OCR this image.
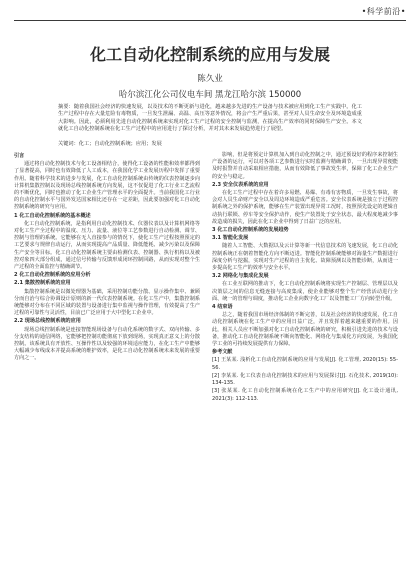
•科学前沿•
化工自动化控制系统的应用与发展
陈久业
哈尔滨江化公司仪电车间 黑龙江哈尔滨 150000
摘要：随着我国社会经济的快速发展，以及技术的不断更新与进化，越来越多先进的生产设备与技术被应用到化工生产实践中。化工生产过程中存在大量危险有毒物质，一旦发生泄漏、高温、高压等意外情况，将会产生严重后果，甚至对人员生命安全及环境造成重大影响。因此，必须利用先进自动化控制系统来实现对化工生产过程的安全控制与监测，在提高生产效率的同时保障生产安全。本文就化工自动化控制系统在化工生产过程中的应用进行了探讨分析，并对其未来发展趋势进行了展望。
关键词：化工；自动化控制系统；应用；发展
引言

通过将自动化控制技术与化工设备相结合，使得化工设备的性能和效率都得到了显著提高，同时也有效降低了人工成本，在我国化学工业发展历程中发挥了重要作用。随着科学技术的进步与发展，化工自动化控制系统由传统的仪表控制逐步向计算机集散控制以及现场总线控制系统方向发展，这不仅促进了化工行业工艺流程的不断优化，同时也推动了化工企业生产管理水平的全面提升。当前我国化工行业的自动化控制水平与国外发达国家相比还存在一定差距，因此要加强对化工自动化控制系统的研究与应用。

1 化工自动化控制系统的基本概述

化工自动化控制系统，是指利用自动化控制技术、仪器仪表以及计算机网络等对化工生产全过程中的温度、压力、流量、液位等工艺参数进行自动检测、调节、控制与管理的系统。它能够在无人直接参与的情况下，使化工生产过程按照预定的工艺要求与规律自动运行，从而实现提高产品质量、降低能耗、减少污染以及保障生产安全等目标。化工自动化控制系统主要由检测仪表、控制器、执行机构以及被控对象四大部分组成，通过信号传输与反馈形成闭环控制回路，从而实现对整个生产过程的全面监控与精确调节。

2 化工自动化控制系统的应用分析
2.1 集散控制系统的应用

集散控制系统是以微处理器为基础，采用控制功能分散、显示操作集中、兼顾分而自治与综合协调设计原则的新一代仪表控制系统。在化工生产中，集散控制系统能够对分布在不同区域的装置与设备进行集中监视与操作管理，有效提高了生产过程的可靠性与灵活性，目前已广泛应用于大中型化工企业中。

2.2 现场总线控制系统的应用

现场总线控制系统是连接智能现场设备与自动化系统的数字式、双向传输、多分支结构的通信网络，它能够把控制功能彻底下放到现场，实现真正意义上的分散控制。该系统具有开放性、互操作性以及较强的环境适应能力，在化工生产中能够大幅减少布线成本并提高系统的维护效率，是化工自动化控制系统未来发展的重要方向之一。

影响，但是将预定计算机加入到自动化控制之中，通过预设好的程序来控制生产设备的运行，可以对各项工艺参数进行实时监测与精确调节，一旦出现异常便能及时报警并自动采取相应措施，从而有效降低了事故发生率，保障了化工企业生产的安全与稳定。

2.3 安全仪表系统的应用

在化工生产过程中存在着许多易燃、易爆、有毒有害物质，一旦发生事故，将会对人员生命财产安全以及周边环境造成严重危害。安全仪表系统是独立于过程控制系统之外的保护系统，能够在生产装置出现异常工况时，按照预先设定的逻辑自动执行联锁、停车等安全保护动作，使生产装置处于安全状态，最大程度地减少事故造成的损失，因此在化工企业中得到了日益广泛的应用。

3 化工自动化控制系统的发展趋势
3.1 智能化发展

随着人工智能、大数据以及云计算等新一代信息技术的飞速发展，化工自动化控制系统正在朝着智能化方向不断迈进。智能化控制系统能够对海量生产数据进行深度分析与挖掘，实现对生产过程的自主优化、故障预测以及智能诊断，从而进一步提高化工生产的效率与安全水平。

3.2 网络化与集成化发展

在工业互联网的推动下，化工自动化控制系统将实现生产控制层、管理层以及决策层之间的信息无缝连接与高度集成，使企业能够对整个生产经营活动进行全面、统一的管理与调度，推动化工企业向数字化工厂以及智能工厂方向转型升级。

4 结束语

总之，随着我国市场经济体制的不断完善，以及社会经济的快速发展，化工自动化控制系统在化工生产中的应用日益广泛，并且发挥着越来越重要的作用。因此，相关人员应不断加强对化工自动化控制系统的研究，积极引进先进的技术与设备，推动化工自动化控制系统不断向智能化、网络化与集成化方向发展，为我国化学工业的可持续发展提供有力保障。

参考文献

[1] 王某某. 浅析化工自动化控制系统的应用与发展[J]. 化工管理, 2020(15): 55-56.

[2] 李某某. 化工仪表自动化控制技术的应用与发展探讨[J]. 石化技术, 2019(10): 134-135.

[3] 张某某. 化工自动化控制系统在化工生产中的应用研究[J]. 化工设计通讯, 2021(3): 112-113.
